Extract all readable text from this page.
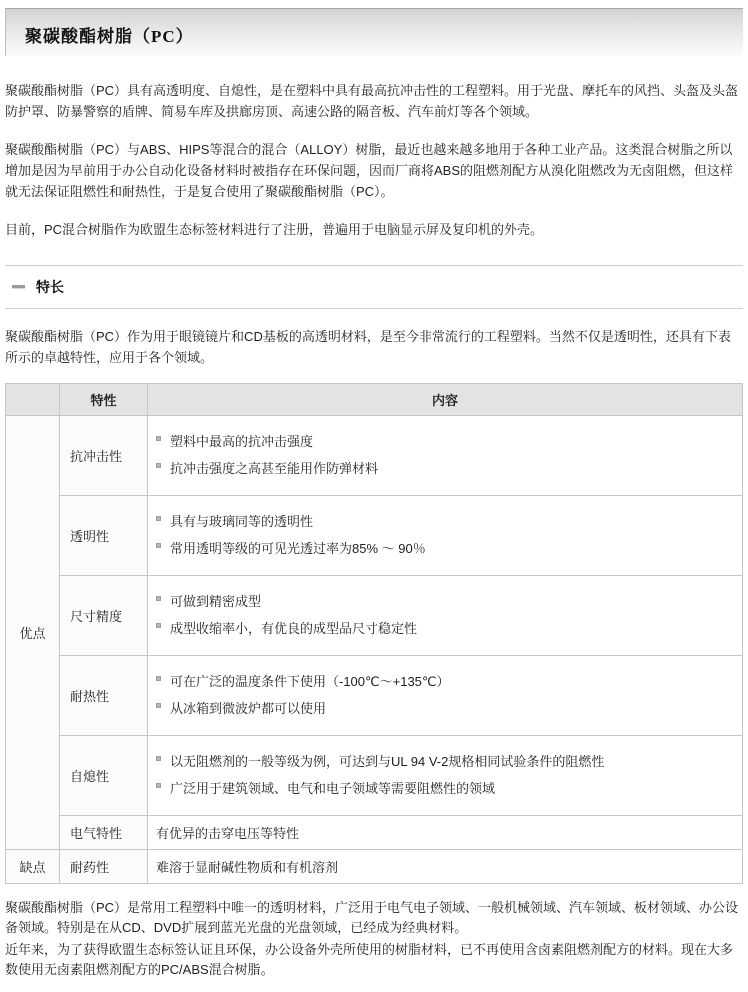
聚碳酸酯树脂（PC）

聚碳酸酯树脂（PC）具有高透明度、自熄性，是在塑料中具有最高抗冲击性的工程塑料。用于光盘、摩托车的风挡、头盔及头盔防护罩、防暴警察的盾牌、简易车库及拱廊房顶、高速公路的隔音板、汽车前灯等各个领域。

聚碳酸酯树脂（PC）与ABS、HIPS等混合的混合（ALLOY）树脂，最近也越来越多地用于各种工业产品。这类混合树脂之所以增加是因为早前用于办公自动化设备材料时被指存在环保问题，因而厂商将ABS的阻燃剂配方从溴化阻燃改为无卤阻燃，但这样就无法保证阻燃性和耐热性，于是复合使用了聚碳酸酯树脂（PC）。

目前，PC混合树脂作为欧盟生态标签材料进行了注册，普遍用于电脑显示屏及复印机的外壳。

特长

聚碳酸酯树脂（PC）作为用于眼镜镜片和CD基板的高透明材料，是至今非常流行的工程塑料。当然不仅是透明性，还具有下表所示的卓越特性，应用于各个领域。

	特性	内容
优点	抗冲击性	塑料中最高的抗冲击强度
抗冲击强度之高甚至能用作防弹材料

	透明性	具有与玻璃同等的透明性
常用透明等级的可见光透过率为85% ～ 90％

	尺寸精度	可做到精密成型
成型收缩率小，有优良的成型品尺寸稳定性

	耐热性	可在广泛的温度条件下使用（-100℃～+135℃）
从冰箱到微波炉都可以使用

	自熄性	以无阻燃剂的一般等级为例，可达到与UL 94 V-2规格相同试验条件的阻燃性
广泛用于建筑领域、电气和电子领域等需要阻燃性的领域

	电气特性	有优异的击穿电压等特性
缺点	耐药性	难溶于显耐碱性物质和有机溶剂

聚碳酸酯树脂（PC）是常用工程塑料中唯一的透明材料，广泛用于电气电子领域、一般机械领域、汽车领域、板材领域、办公设备领域。特别是在从CD、DVD扩展到蓝光光盘的光盘领域，已经成为经典材料。

近年来，为了获得欧盟生态标签认证且环保，办公设备外壳所使用的树脂材料，已不再使用含卤素阻燃剂配方的材料。现在大多数使用无卤素阻燃剂配方的PC/ABS混合树脂。
